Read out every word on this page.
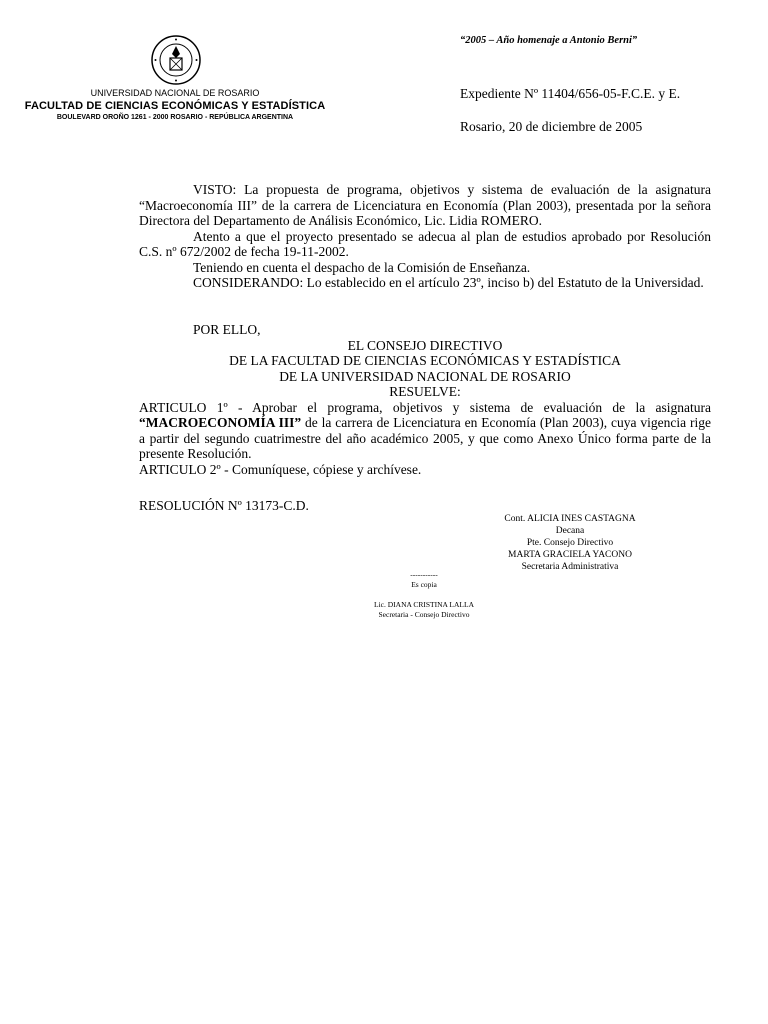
“2005 – Año homenaje a Antonio Berni”
UNIVERSIDAD NACIONAL DE ROSARIO
FACULTAD DE CIENCIAS ECONÓMICAS Y ESTADÍSTICA
BOULEVARD OROÑO 1261 - 2000 ROSARIO - REPÚBLICA ARGENTINA
Expediente Nº 11404/656-05-F.C.E. y E.
Rosario, 20 de diciembre de 2005

VISTO: La propuesta de programa, objetivos y sistema de evaluación de la asignatura “Macroeconomía III” de la carrera de Licenciatura en Economía (Plan 2003), presentada por la señora Directora del Departamento de Análisis Económico, Lic. Lidia ROMERO.

Atento a que el proyecto presentado se adecua al plan de estudios aprobado por Resolución C.S. nº 672/2002 de fecha 19-11-2002.

Teniendo en cuenta el despacho de la Comisión de Enseñanza.

CONSIDERANDO: Lo establecido en el artículo 23º, inciso b) del Estatuto de la Universidad.

POR ELLO,

EL CONSEJO DIRECTIVO

DE LA FACULTAD DE CIENCIAS ECONÓMICAS Y ESTADÍSTICA

DE LA UNIVERSIDAD NACIONAL DE ROSARIO

RESUELVE:

ARTICULO 1º - Aprobar el programa, objetivos y sistema de evaluación de la asignatura “MACROECONOMÍA III” de la carrera de Licenciatura en Economía (Plan 2003), cuya vigencia rige a partir del segundo cuatrimestre del año académico 2005, y que como Anexo Único forma parte de la presente Resolución.

ARTICULO 2º - Comuníquese, cópiese y archívese.

RESOLUCIÓN Nº 13173-C.D.

Cont. ALICIA INES CASTAGNA
Decana
Pte. Consejo Directivo
MARTA GRACIELA YACONO
Secretaria Administrativa
-----------
Es copia
Lic. DIANA CRISTINA LALLA
Secretaria - Consejo Directivo
